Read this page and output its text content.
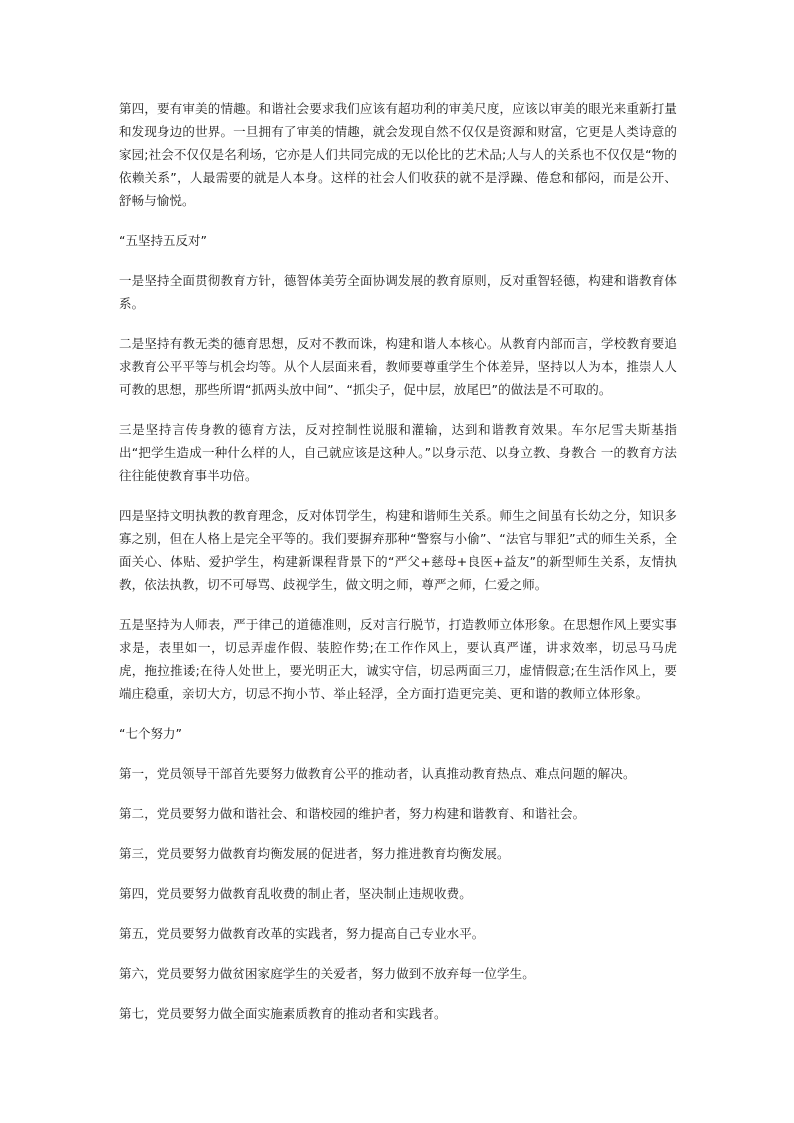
第四，要有审美的情趣。和谐社会要求我们应该有超功利的审美尺度，应该以审美的眼光来重新打量和发现身边的世界。一旦拥有了审美的情趣，就会发现自然不仅仅是资源和财富，它更是人类诗意的家园;社会不仅仅是名利场，它亦是人们共同完成的无以伦比的艺术品;人与人的关系也不仅仅是“物的依赖关系”，人最需要的就是人本身。这样的社会人们收获的就不是浮躁、倦怠和郁闷，而是公开、舒畅与愉悦。

“五坚持五反对”

一是坚持全面贯彻教育方针，德智体美劳全面协调发展的教育原则，反对重智轻德，构建和谐教育体系。

二是坚持有教无类的德育思想，反对不教而诛，构建和谐人本核心。从教育内部而言，学校教育要追求教育公平平等与机会均等。从个人层面来看，教师要尊重学生个体差异，坚持以人为本，推崇人人可教的思想，那些所谓“抓两头放中间”、“抓尖子，促中层，放尾巴”的做法是不可取的。

三是坚持言传身教的德育方法，反对控制性说服和灌输，达到和谐教育效果。车尔尼雪夫斯基指出“把学生造成一种什么样的人，自己就应该是这种人。”以身示范、以身立教、身教合 一的教育方法往往能使教育事半功倍。

四是坚持文明执教的教育理念，反对体罚学生，构建和谐师生关系。师生之间虽有长幼之分，知识多寡之别，但在人格上是完全平等的。我们要摒弃那种“警察与小偷”、“法官与罪犯”式的师生关系，全面关心、体贴、爱护学生，构建新课程背景下的“严父+慈母+良医+益友”的新型师生关系，友情执教，依法执教，切不可辱骂、歧视学生，做文明之师，尊严之师，仁爱之师。

五是坚持为人师表，严于律己的道德准则，反对言行脱节，打造教师立体形象。在思想作风上要实事求是，表里如一，切忌弄虚作假、装腔作势;在工作作风上，要认真严谨，讲求效率，切忌马马虎虎，拖拉推诿;在待人处世上，要光明正大，诚实守信，切忌两面三刀，虚情假意;在生活作风上，要端庄稳重，亲切大方，切忌不拘小节、举止轻浮，全方面打造更完美、更和谐的教师立体形象。

“七个努力”

第一，党员领导干部首先要努力做教育公平的推动者，认真推动教育热点、难点问题的解决。

第二，党员要努力做和谐社会、和谐校园的维护者，努力构建和谐教育、和谐社会。

第三，党员要努力做教育均衡发展的促进者，努力推进教育均衡发展。

第四，党员要努力做教育乱收费的制止者，坚决制止违规收费。

第五，党员要努力做教育改革的实践者，努力提高自己专业水平。

第六，党员要努力做贫困家庭学生的关爱者，努力做到不放弃每一位学生。

第七，党员要努力做全面实施素质教育的推动者和实践者。
